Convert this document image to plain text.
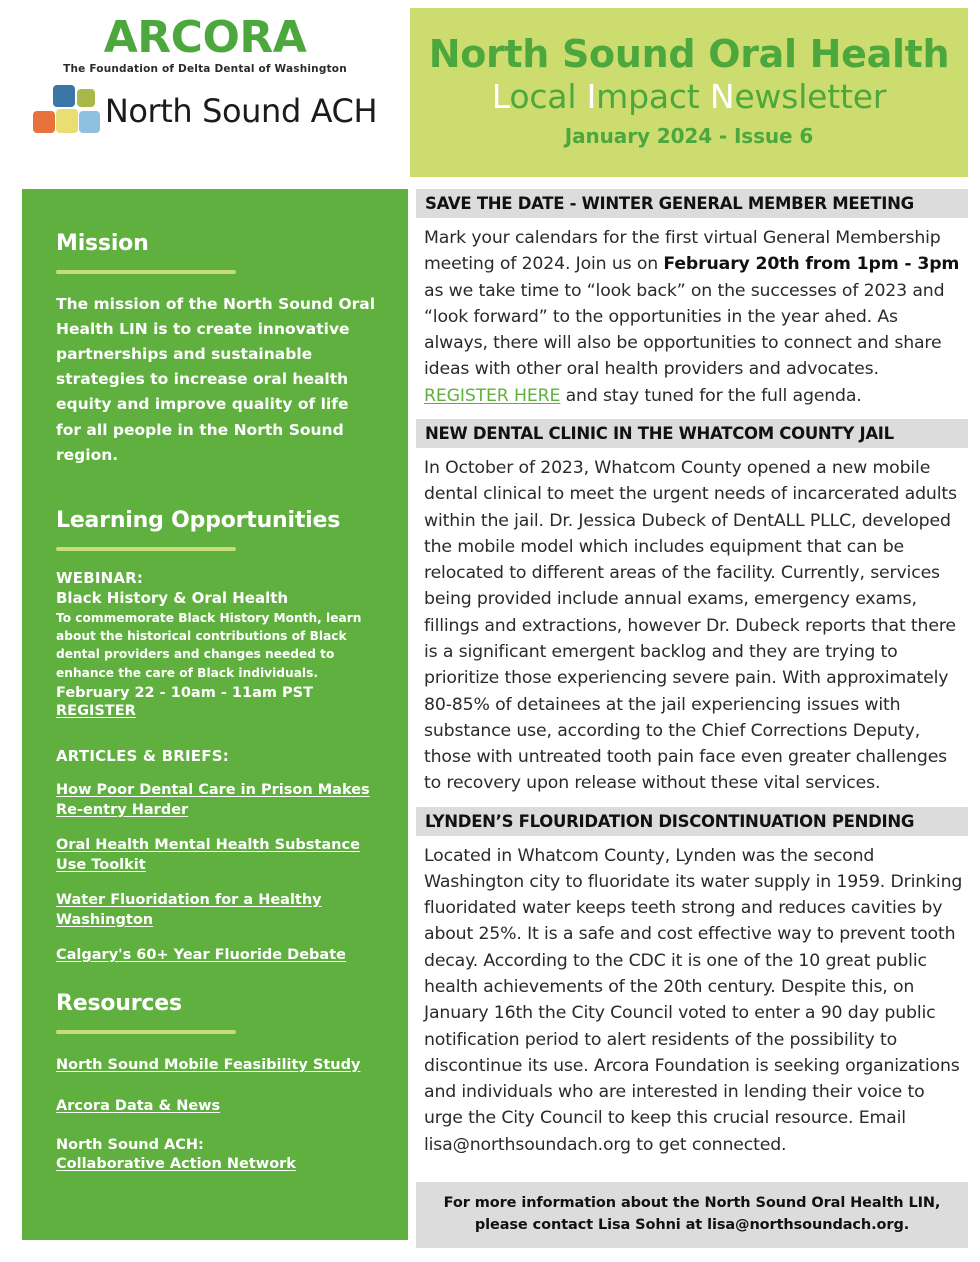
ARCORA
The Foundation of Delta Dental of Washington
North Sound ACH
North Sound Oral Health
Local Impact Newsletter
January 2024 - Issue 6
Mission
The mission of the North Sound Oral Health LIN is to create innovative partnerships and sustainable strategies to increase oral health equity and improve quality of life for all people in the North Sound region.
Learning Opportunities
WEBINAR:
Black History & Oral Health
To commemorate Black History Month, learn about the historical contributions of Black dental providers and changes needed to enhance the care of Black individuals.
February 22 - 10am - 11am PST
REGISTER
ARTICLES & BRIEFS:
How Poor Dental Care in Prison Makes Re-entry Harder Oral Health Mental Health Substance Use Toolkit Water Fluoridation for a Healthy Washington Calgary's 60+ Year Fluoride Debate
Resources
North Sound Mobile Feasibility Study
Arcora Data & News
North Sound ACH:
Collaborative Action Network
SAVE THE DATE - WINTER GENERAL MEMBER MEETING
Mark your calendars for the first virtual General Membership meeting of 2024. Join us on February 20th from 1pm - 3pm as we take time to “look back” on the successes of 2023 and “look forward” to the opportunities in the year ahed. As always, there will also be opportunities to connect and share ideas with other oral health providers and advocates. REGISTER HERE and stay tuned for the full agenda.
NEW DENTAL CLINIC IN THE WHATCOM COUNTY JAIL
In October of 2023, Whatcom County opened a new mobile dental clinical to meet the urgent needs of incarcerated adults within the jail. Dr. Jessica Dubeck of DentALL PLLC, developed the mobile model which includes equipment that can be relocated to different areas of the facility. Currently, services being provided include annual exams, emergency exams, fillings and extractions, however Dr. Dubeck reports that there is a significant emergent backlog and they are trying to prioritize those experiencing severe pain. With approximately 80-85% of detainees at the jail experiencing issues with substance use, according to the Chief Corrections Deputy, those with untreated tooth pain face even greater challenges to recovery upon release without these vital services.
LYNDEN’S FLOURIDATION DISCONTINUATION PENDING
Located in Whatcom County, Lynden was the second Washington city to fluoridate its water supply in 1959. Drinking fluoridated water keeps teeth strong and reduces cavities by about 25%. It is a safe and cost effective way to prevent tooth decay. According to the CDC it is one of the 10 great public health achievements of the 20th century. Despite this, on January 16th the City Council voted to enter a 90 day public notification period to alert residents of the possibility to discontinue its use. Arcora Foundation is seeking organizations and individuals who are interested in lending their voice to urge the City Council to keep this crucial resource. Email lisa@northsoundach.org to get connected.
For more information about the North Sound Oral Health LIN,
please contact Lisa Sohni at lisa@northsoundach.org.
